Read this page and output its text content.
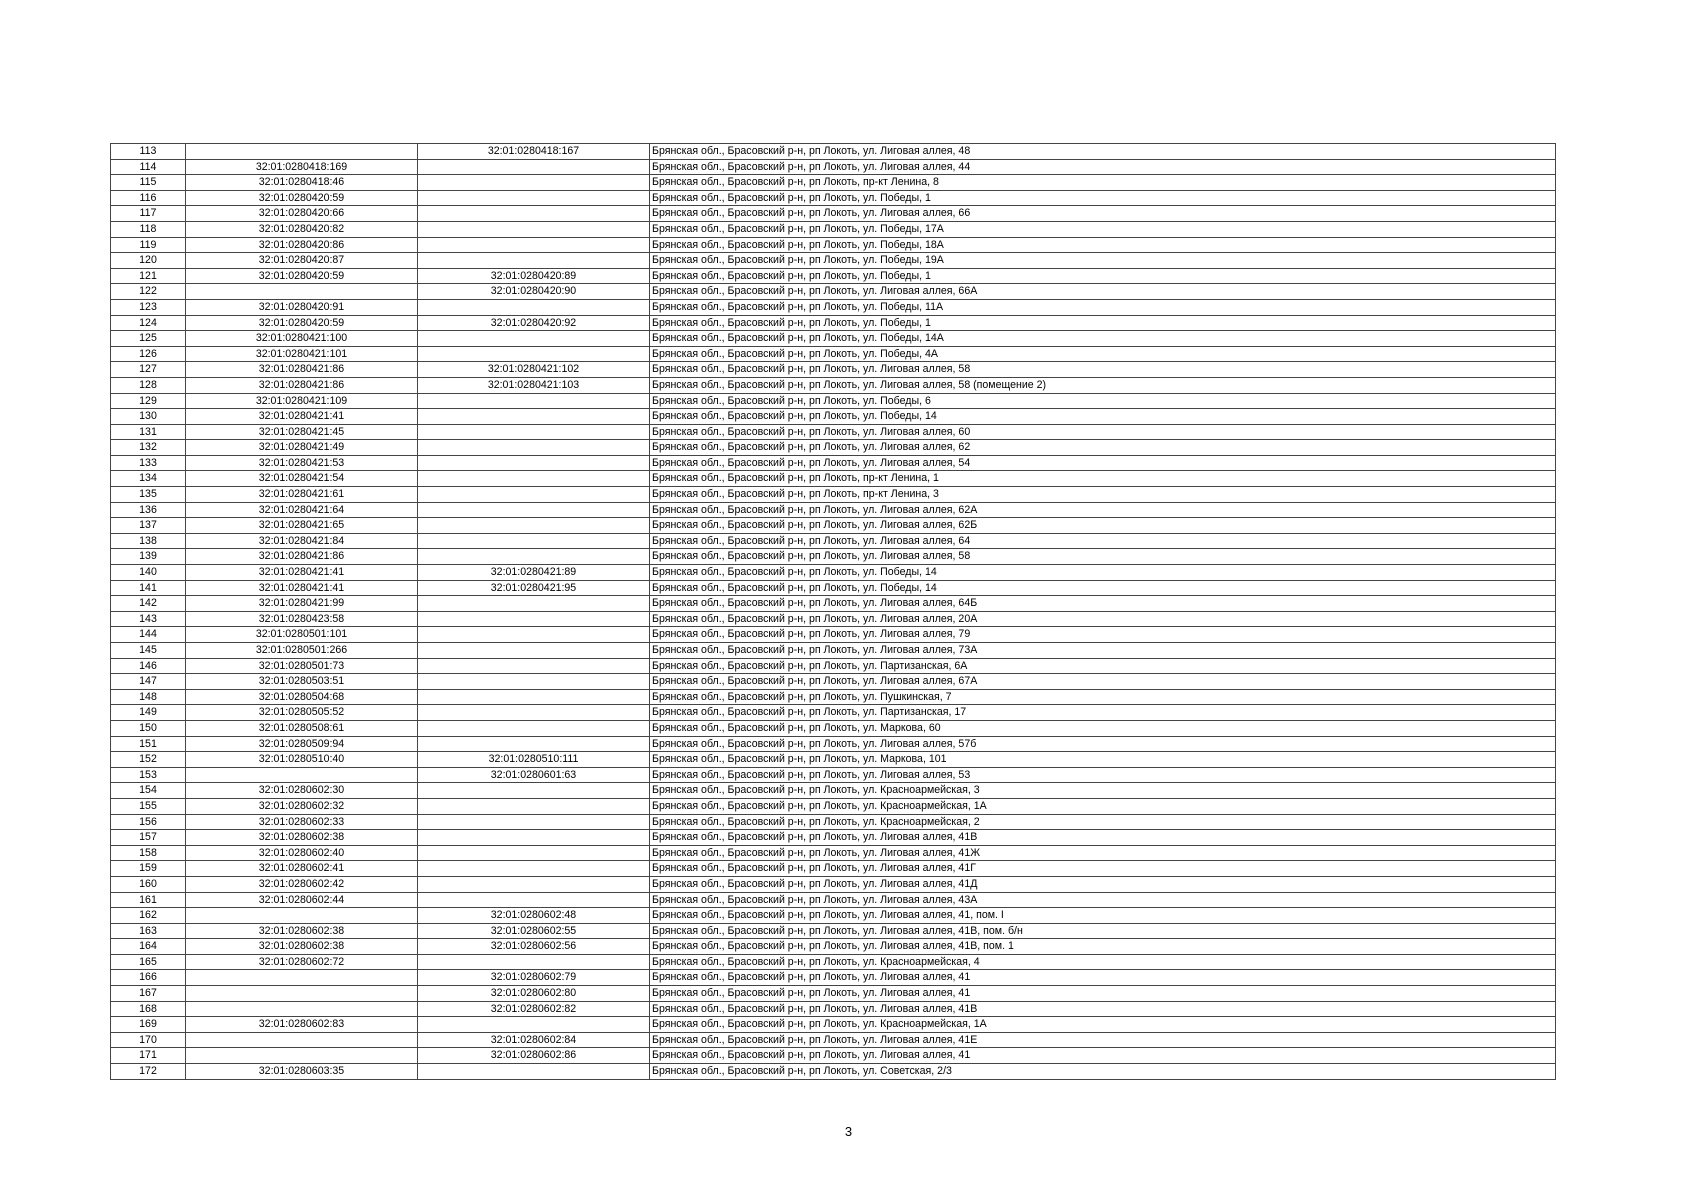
113		32:01:0280418:167	Брянская обл., Брасовский р-н, рп Локоть, ул. Лиговая аллея, 48
114	32:01:0280418:169		Брянская обл., Брасовский р-н, рп Локоть, ул. Лиговая аллея, 44
115	32:01:0280418:46		Брянская обл., Брасовский р-н, рп Локоть, пр-кт Ленина, 8
116	32:01:0280420:59		Брянская обл., Брасовский р-н, рп Локоть, ул. Победы, 1
117	32:01:0280420:66		Брянская обл., Брасовский р-н, рп Локоть, ул. Лиговая аллея, 66
118	32:01:0280420:82		Брянская обл., Брасовский р-н, рп Локоть, ул. Победы, 17А
119	32:01:0280420:86		Брянская обл., Брасовский р-н, рп Локоть, ул. Победы, 18А
120	32:01:0280420:87		Брянская обл., Брасовский р-н, рп Локоть, ул. Победы, 19А
121	32:01:0280420:59	32:01:0280420:89	Брянская обл., Брасовский р-н, рп Локоть, ул. Победы, 1
122		32:01:0280420:90	Брянская обл., Брасовский р-н, рп Локоть, ул. Лиговая аллея, 66А
123	32:01:0280420:91		Брянская обл., Брасовский р-н, рп Локоть, ул. Победы, 11А
124	32:01:0280420:59	32:01:0280420:92	Брянская обл., Брасовский р-н, рп Локоть, ул. Победы, 1
125	32:01:0280421:100		Брянская обл., Брасовский р-н, рп Локоть, ул. Победы, 14А
126	32:01:0280421:101		Брянская обл., Брасовский р-н, рп Локоть, ул. Победы, 4А
127	32:01:0280421:86	32:01:0280421:102	Брянская обл., Брасовский р-н, рп Локоть, ул. Лиговая аллея, 58
128	32:01:0280421:86	32:01:0280421:103	Брянская обл., Брасовский р-н, рп Локоть, ул. Лиговая аллея, 58 (помещение 2)
129	32:01:0280421:109		Брянская обл., Брасовский р-н, рп Локоть, ул. Победы, 6
130	32:01:0280421:41		Брянская обл., Брасовский р-н, рп Локоть, ул. Победы, 14
131	32:01:0280421:45		Брянская обл., Брасовский р-н, рп Локоть, ул. Лиговая аллея, 60
132	32:01:0280421:49		Брянская обл., Брасовский р-н, рп Локоть, ул. Лиговая аллея, 62
133	32:01:0280421:53		Брянская обл., Брасовский р-н, рп Локоть, ул. Лиговая аллея, 54
134	32:01:0280421:54		Брянская обл., Брасовский р-н, рп Локоть, пр-кт Ленина, 1
135	32:01:0280421:61		Брянская обл., Брасовский р-н, рп Локоть, пр-кт Ленина, 3
136	32:01:0280421:64		Брянская обл., Брасовский р-н, рп Локоть, ул. Лиговая аллея, 62А
137	32:01:0280421:65		Брянская обл., Брасовский р-н, рп Локоть, ул. Лиговая аллея, 62Б
138	32:01:0280421:84		Брянская обл., Брасовский р-н, рп Локоть, ул. Лиговая аллея, 64
139	32:01:0280421:86		Брянская обл., Брасовский р-н, рп Локоть, ул. Лиговая аллея, 58
140	32:01:0280421:41	32:01:0280421:89	Брянская обл., Брасовский р-н, рп Локоть, ул. Победы, 14
141	32:01:0280421:41	32:01:0280421:95	Брянская обл., Брасовский р-н, рп Локоть, ул. Победы, 14
142	32:01:0280421:99		Брянская обл., Брасовский р-н, рп Локоть, ул. Лиговая аллея, 64Б
143	32:01:0280423:58		Брянская обл., Брасовский р-н, рп Локоть, ул. Лиговая аллея, 20А
144	32:01:0280501:101		Брянская обл., Брасовский р-н, рп Локоть, ул. Лиговая аллея, 79
145	32:01:0280501:266		Брянская обл., Брасовский р-н, рп Локоть, ул. Лиговая аллея, 73А
146	32:01:0280501:73		Брянская обл., Брасовский р-н, рп Локоть, ул. Партизанская, 6А
147	32:01:0280503:51		Брянская обл., Брасовский р-н, рп Локоть, ул. Лиговая аллея, 67А
148	32:01:0280504:68		Брянская обл., Брасовский р-н, рп Локоть, ул. Пушкинская, 7
149	32:01:0280505:52		Брянская обл., Брасовский р-н, рп Локоть, ул. Партизанская, 17
150	32:01:0280508:61		Брянская обл., Брасовский р-н, рп Локоть, ул. Маркова, 60
151	32:01:0280509:94		Брянская обл., Брасовский р-н, рп Локоть, ул. Лиговая аллея, 57б
152	32:01:0280510:40	32:01:0280510:111	Брянская обл., Брасовский р-н, рп Локоть, ул. Маркова, 101
153		32:01:0280601:63	Брянская обл., Брасовский р-н, рп Локоть, ул. Лиговая аллея, 53
154	32:01:0280602:30		Брянская обл., Брасовский р-н, рп Локоть, ул. Красноармейская, 3
155	32:01:0280602:32		Брянская обл., Брасовский р-н, рп Локоть, ул. Красноармейская, 1А
156	32:01:0280602:33		Брянская обл., Брасовский р-н, рп Локоть, ул. Красноармейская, 2
157	32:01:0280602:38		Брянская обл., Брасовский р-н, рп Локоть, ул. Лиговая аллея, 41В
158	32:01:0280602:40		Брянская обл., Брасовский р-н, рп Локоть, ул. Лиговая аллея, 41Ж
159	32:01:0280602:41		Брянская обл., Брасовский р-н, рп Локоть, ул. Лиговая аллея, 41Г
160	32:01:0280602:42		Брянская обл., Брасовский р-н, рп Локоть, ул. Лиговая аллея, 41Д
161	32:01:0280602:44		Брянская обл., Брасовский р-н, рп Локоть, ул. Лиговая аллея, 43А
162		32:01:0280602:48	Брянская обл., Брасовский р-н, рп Локоть, ул. Лиговая аллея, 41, пом. I
163	32:01:0280602:38	32:01:0280602:55	Брянская обл., Брасовский р-н, рп Локоть, ул. Лиговая аллея, 41В, пом. б/н
164	32:01:0280602:38	32:01:0280602:56	Брянская обл., Брасовский р-н, рп Локоть, ул. Лиговая аллея, 41В, пом. 1
165	32:01:0280602:72		Брянская обл., Брасовский р-н, рп Локоть, ул. Красноармейская, 4
166		32:01:0280602:79	Брянская обл., Брасовский р-н, рп Локоть, ул. Лиговая аллея, 41
167		32:01:0280602:80	Брянская обл., Брасовский р-н, рп Локоть, ул. Лиговая аллея, 41
168		32:01:0280602:82	Брянская обл., Брасовский р-н, рп Локоть, ул. Лиговая аллея, 41В
169	32:01:0280602:83		Брянская обл., Брасовский р-н, рп Локоть, ул. Красноармейская, 1А
170		32:01:0280602:84	Брянская обл., Брасовский р-н, рп Локоть, ул. Лиговая аллея, 41Е
171		32:01:0280602:86	Брянская обл., Брасовский р-н, рп Локоть, ул. Лиговая аллея, 41
172	32:01:0280603:35		Брянская обл., Брасовский р-н, рп Локоть, ул. Советская, 2/3
3
